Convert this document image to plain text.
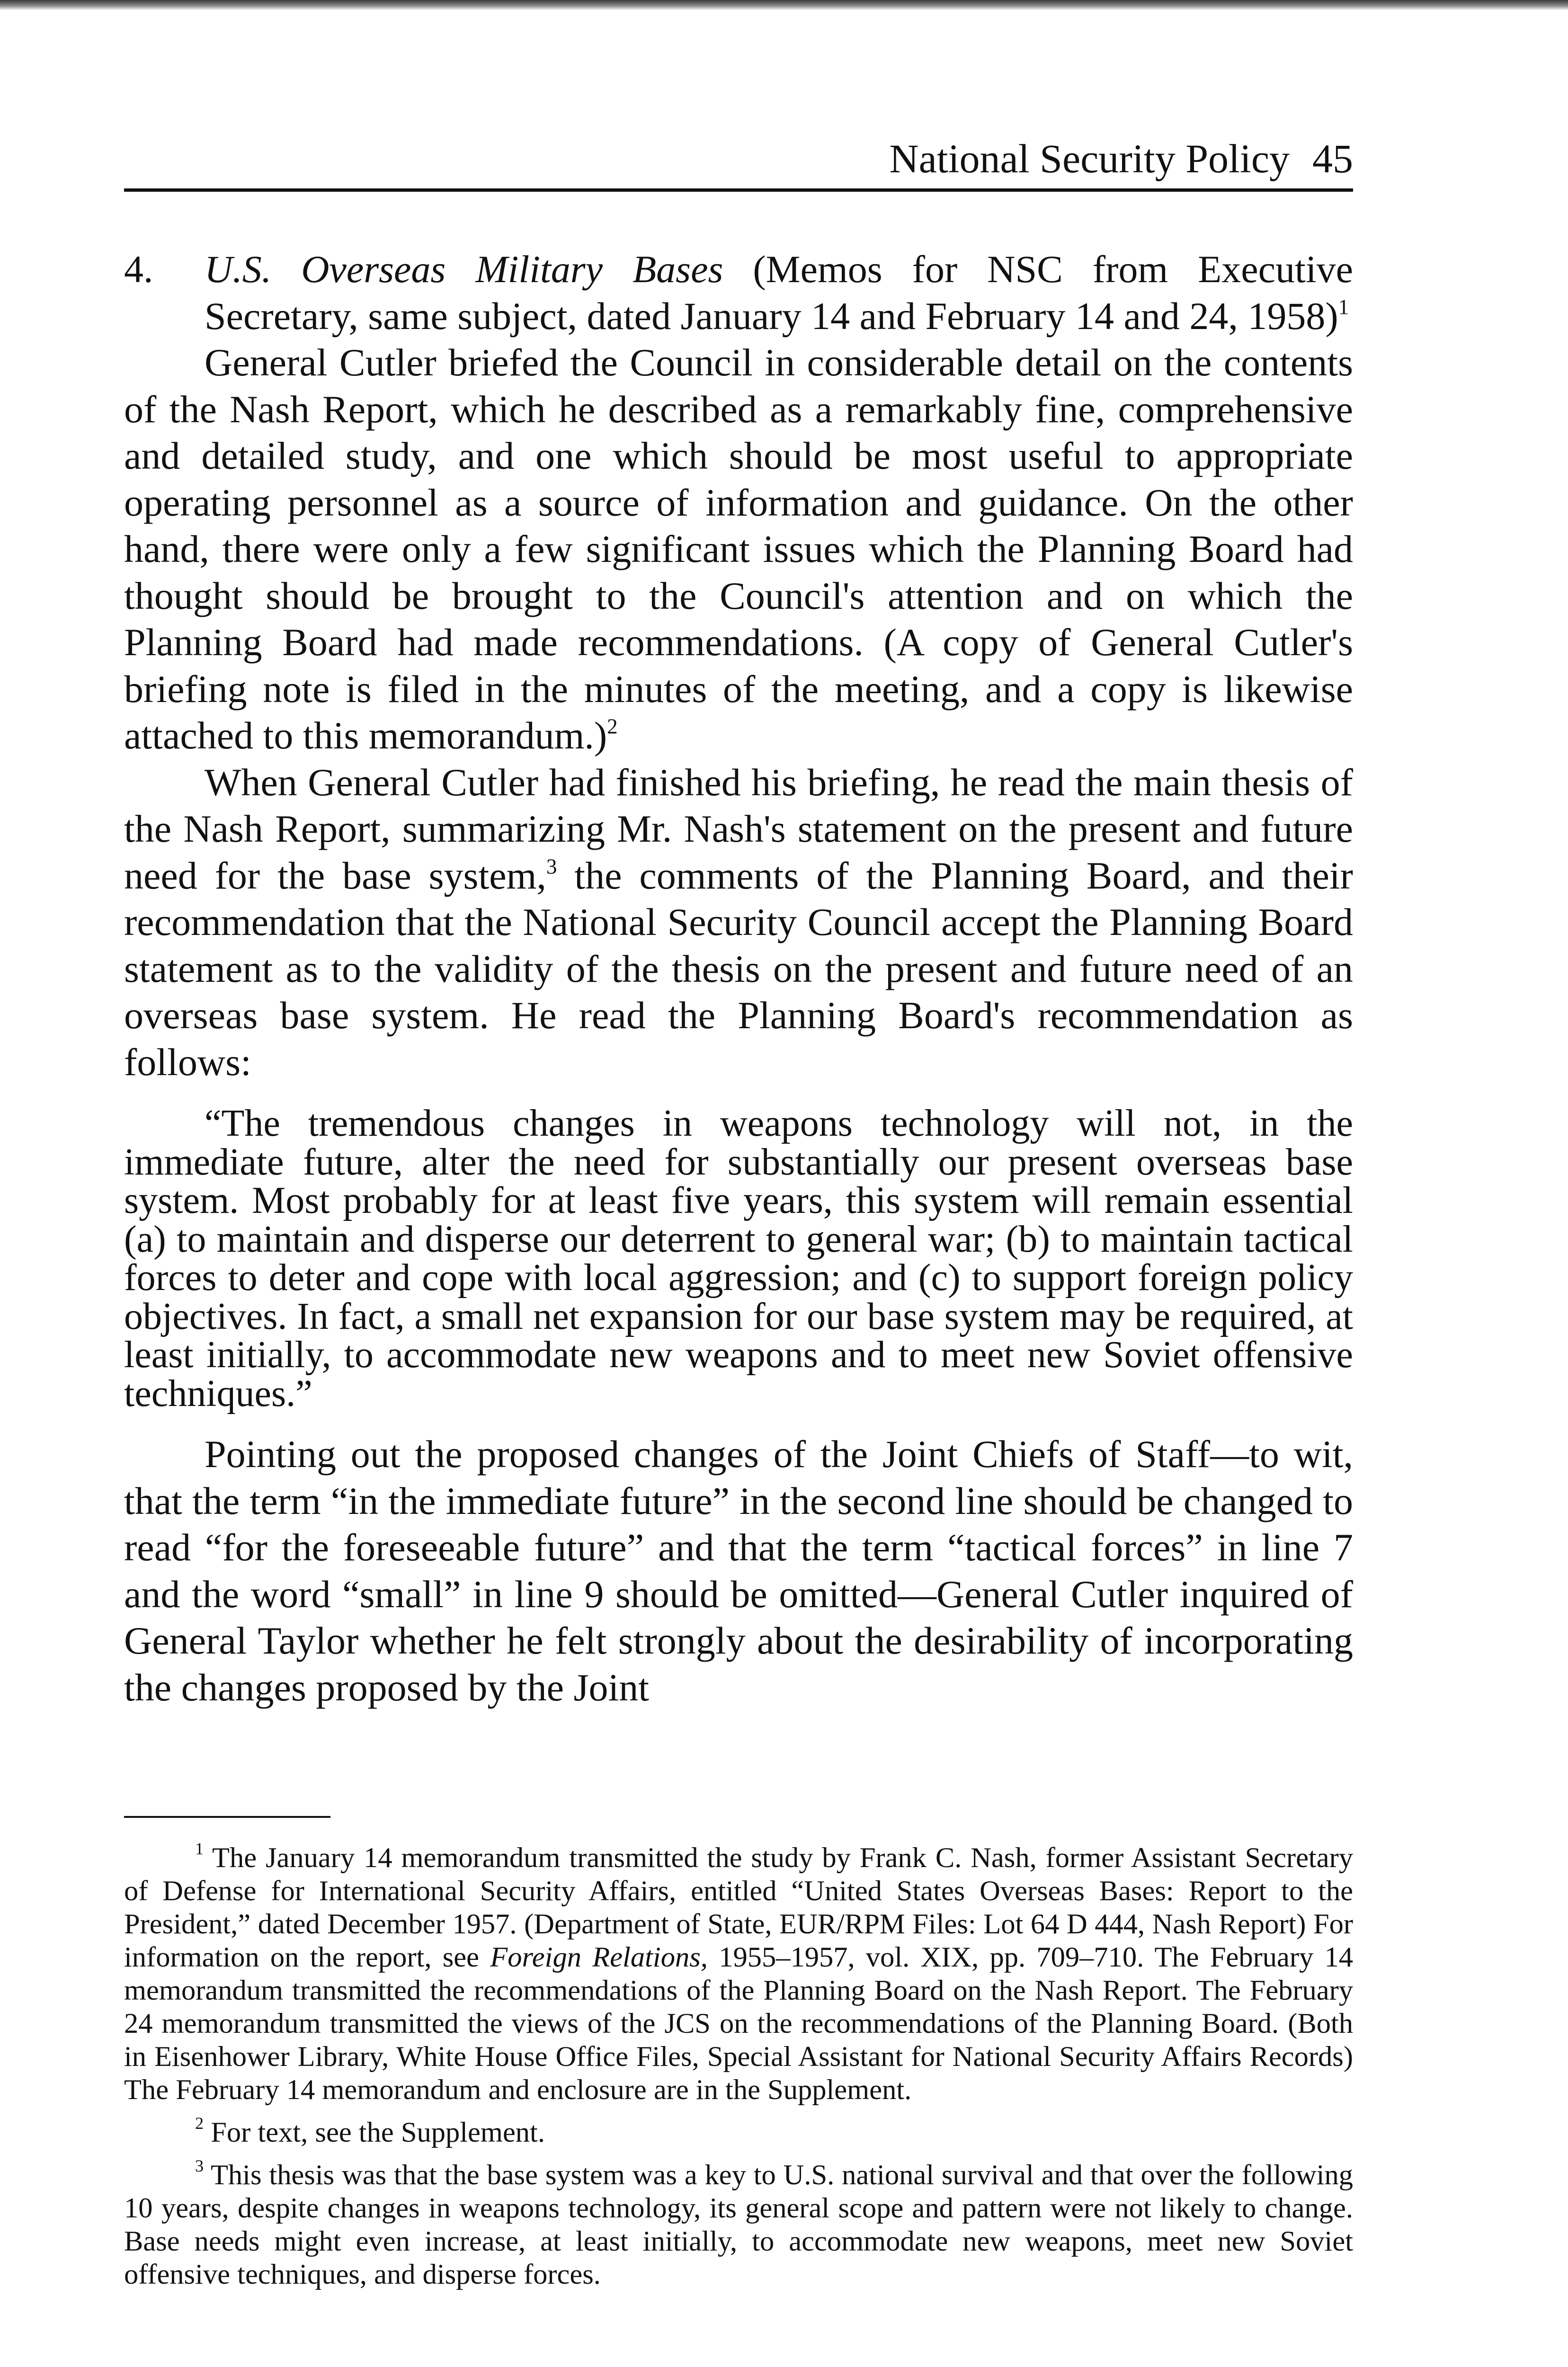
National Security Policy 45

4. U.S. Overseas Military Bases (Memos for NSC from Executive Secretary, same subject, dated January 14 and February 14 and 24, 1958)$^1$

General Cutler briefed the Council in considerable detail on the contents of the Nash Report, which he described as a remarkably fine, comprehensive and detailed study, and one which should be most useful to appropriate operating personnel as a source of information and guidance. On the other hand, there were only a few significant issues which the Planning Board had thought should be brought to the Council's attention and on which the Planning Board had made recommendations. (A copy of General Cutler's briefing note is filed in the minutes of the meeting, and a copy is likewise attached to this memorandum.)$^2$

When General Cutler had finished his briefing, he read the main thesis of the Nash Report, summarizing Mr. Nash's statement on the present and future need for the base system,$^3$ the comments of the Planning Board, and their recommendation that the National Security Council accept the Planning Board statement as to the validity of the thesis on the present and future need of an overseas base system. He read the Planning Board's recommendation as follows:

“The tremendous changes in weapons technology will not, in the immediate future, alter the need for substantially our present overseas base system. Most probably for at least five years, this system will remain essential (a) to maintain and disperse our deterrent to general war; (b) to maintain tactical forces to deter and cope with local aggression; and (c) to support foreign policy objectives. In fact, a small net expansion for our base system may be required, at least initially, to accommodate new weapons and to meet new Soviet offensive techniques.”

Pointing out the proposed changes of the Joint Chiefs of Staff—to wit, that the term “in the immediate future” in the second line should be changed to read “for the foreseeable future” and that the term “tactical forces” in line 7 and the word “small” in line 9 should be omitted—General Cutler inquired of General Taylor whether he felt strongly about the desirability of incorporating the changes proposed by the Joint

$^1$ The January 14 memorandum transmitted the study by Frank C. Nash, former Assistant Secretary of Defense for International Security Affairs, entitled “United States Overseas Bases: Report to the President,” dated December 1957. (Department of State, EUR/RPM Files: Lot 64 D 444, Nash Report) For information on the report, see Foreign Relations, 1955–1957, vol. XIX, pp. 709–710. The February 14 memorandum transmitted the recommendations of the Planning Board on the Nash Report. The February 24 memorandum transmitted the views of the JCS on the recommendations of the Planning Board. (Both in Eisenhower Library, White House Office Files, Special Assistant for National Security Affairs Records) The February 14 memorandum and enclosure are in the Supplement.

$^2$ For text, see the Supplement.

$^3$ This thesis was that the base system was a key to U.S. national survival and that over the following 10 years, despite changes in weapons technology, its general scope and pattern were not likely to change. Base needs might even increase, at least initially, to accommodate new weapons, meet new Soviet offensive techniques, and disperse forces.
